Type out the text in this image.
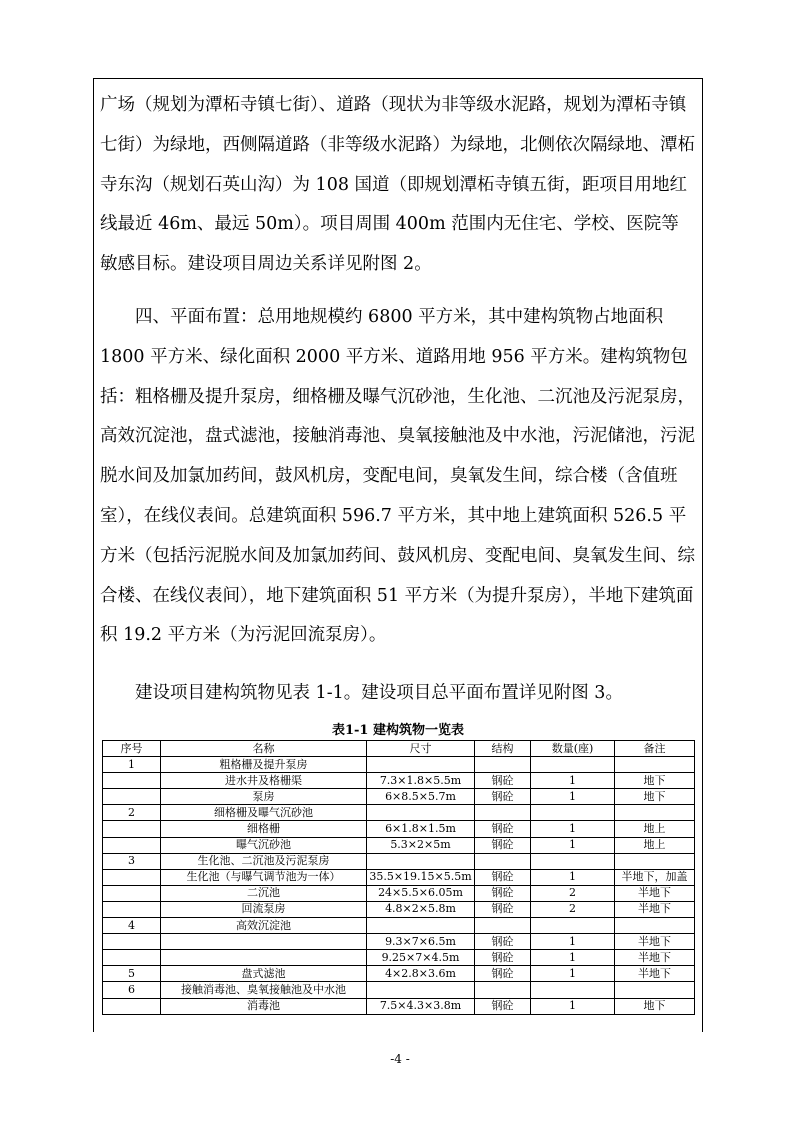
广场（规划为潭柘寺镇七街）、道路（现状为非等级水泥路，规划为潭柘寺镇七街）为绿地，西侧隔道路（非等级水泥路）为绿地，北侧依次隔绿地、潭柘寺东沟（规划石英山沟）为 108 国道（即规划潭柘寺镇五街，距项目用地红线最近 46m、最远 50m）。项目周围 400m 范围内无住宅、学校、医院等敏感目标。建设项目周边关系详见附图 2。

四、平面布置：总用地规模约 6800 平方米，其中建构筑物占地面积 1800 平方米、绿化面积 2000 平方米、道路用地 956 平方米。建构筑物包括：粗格栅及提升泵房，细格栅及曝气沉砂池，生化池、二沉池及污泥泵房，高效沉淀池，盘式滤池，接触消毒池、臭氧接触池及中水池，污泥储池，污泥脱水间及加氯加药间，鼓风机房，变配电间，臭氧发生间，综合楼（含值班室），在线仪表间。总建筑面积 596.7 平方米，其中地上建筑面积 526.5 平方米（包括污泥脱水间及加氯加药间、鼓风机房、变配电间、臭氧发生间、综合楼、在线仪表间），地下建筑面积 51 平方米（为提升泵房），半地下建筑面积 19.2 平方米（为污泥回流泵房）。

建设项目建构筑物见表 1-1。建设项目总平面布置详见附图 3。

表1-1 建构筑物一览表
序号	名称	尺寸	结构	数量(座)	备注
1	粗格栅及提升泵房				
	进水井及格栅渠	7.3×1.8×5.5m	钢砼	1	地下
	泵房	6×8.5×5.7m	钢砼	1	地下
2	细格栅及曝气沉砂池				
	细格栅	6×1.8×1.5m	钢砼	1	地上
	曝气沉砂池	5.3×2×5m	钢砼	1	地上
3	生化池、二沉池及污泥泵房				
	生化池（与曝气调节池为一体）	35.5×19.15×5.5m	钢砼	1	半地下，加盖
	二沉池	24×5.5×6.05m	钢砼	2	半地下
	回流泵房	4.8×2×5.8m	钢砼	2	半地下
4	高效沉淀池				
		9.3×7×6.5m	钢砼	1	半地下
		9.25×7×4.5m	钢砼	1	半地下
5	盘式滤池	4×2.8×3.6m	钢砼	1	半地下
6	接触消毒池、臭氧接触池及中水池				
	消毒池	7.5×4.3×3.8m	钢砼	1	地下
-4 -
